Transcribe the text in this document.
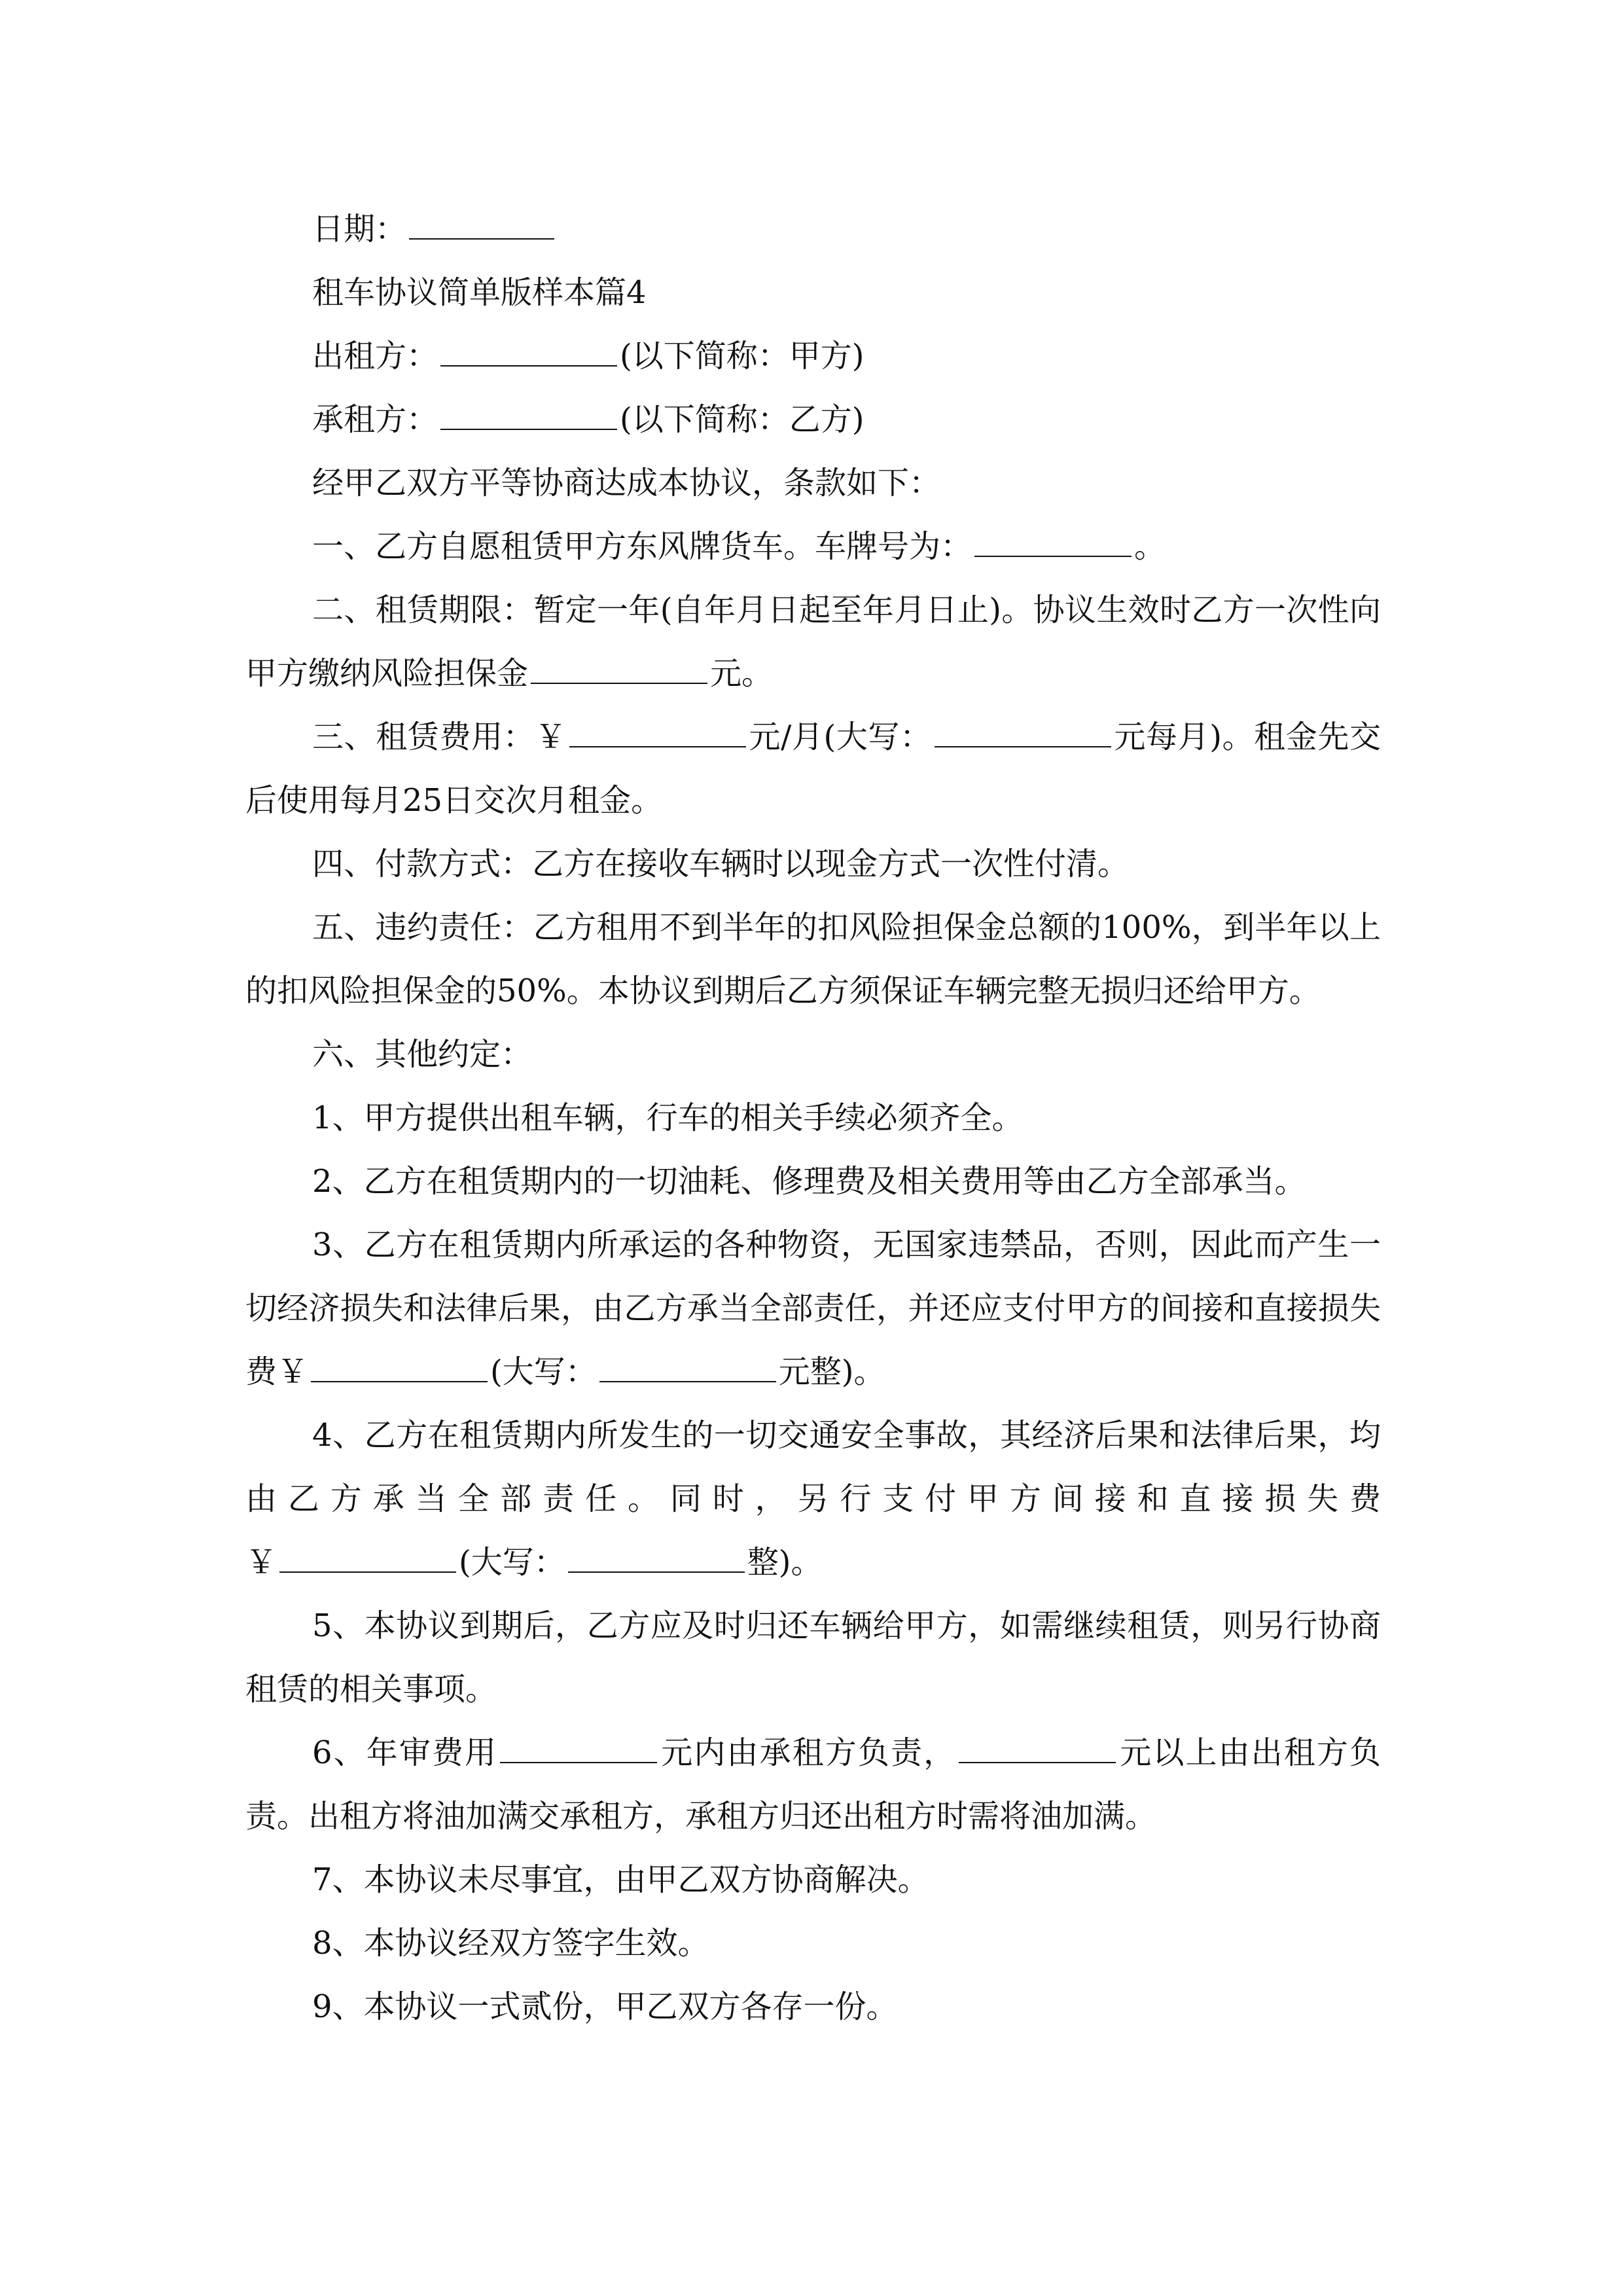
日期：
租车协议简单版样本篇4
出租方：	(以下简称：甲方)
承租方：	(以下简称：乙方)
经甲乙双方平等协商达成本协议，条款如下：
一、乙方自愿租赁甲方东风牌货车。车牌号为：	。

二、租赁期限：暂定一年(自年月日起至年月日止)。协议生效时乙方一次性向甲方缴纳风险担保金	元。

三、租赁费用：￥	元/月(大写：	元每月)。租金先交后使用每月25日交次月租金。

四、付款方式：乙方在接收车辆时以现金方式一次性付清。

五、违约责任：乙方租用不到半年的扣风险担保金总额的100%，到半年以上的扣风险担保金的50%。本协议到期后乙方须保证车辆完整无损归还给甲方。

六、其他约定：
1、甲方提供出租车辆，行车的相关手续必须齐全。
2、乙方在租赁期内的一切油耗、修理费及相关费用等由乙方全部承当。

3、乙方在租赁期内所承运的各种物资，无国家违禁品，否则，因此而产生一切经济损失和法律后果，由乙方承当全部责任，并还应支付甲方的间接和直接损失费￥	(大写：	元整)。

4、乙方在租赁期内所发生的一切交通安全事故，其经济后果和法律后果，均由乙方承当全部责任。同时，另行支付甲方间接和直接损失费

￥	(大写：	整)。

5、本协议到期后，乙方应及时归还车辆给甲方，如需继续租赁，则另行协商租赁的相关事项。

6、年审费用	元内由承租方负责，	元以上由出租方负责。出租方将油加满交承租方，承租方归还出租方时需将油加满。

7、本协议未尽事宜，由甲乙双方协商解决。
8、本协议经双方签字生效。
9、本协议一式贰份，甲乙双方各存一份。
